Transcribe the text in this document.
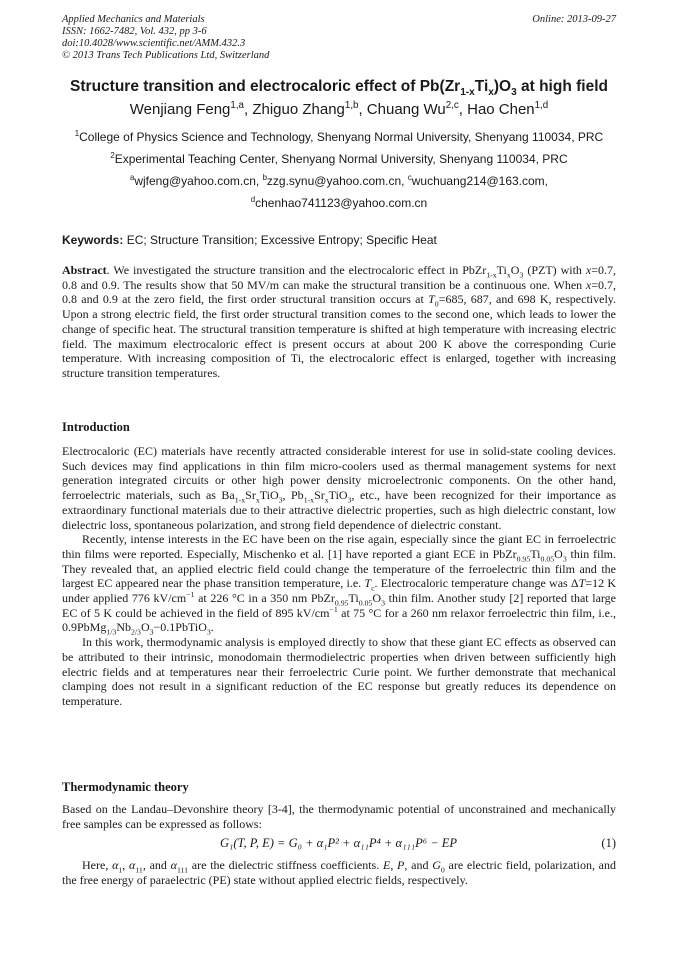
Applied Mechanics and Materials
ISSN: 1662-7482, Vol. 432, pp 3-6
doi:10.4028/www.scientific.net/AMM.432.3
© 2013 Trans Tech Publications Ltd, Switzerland
Online: 2013-09-27
Structure transition and electrocaloric effect of $Pb(Zr_{1-x}Ti_x)O_3$ at high field
Wenjiang Feng$^{1,a}$, Zhiguo Zhang$^{1,b}$, Chuang Wu$^{2,c}$, Hao Chen$^{1,d}$
$^1$College of Physics Science and Technology, Shenyang Normal University, Shenyang 110034, PRC
$^2$Experimental Teaching Center, Shenyang Normal University, Shenyang 110034, PRC
$^a$wjfeng@yahoo.com.cn, $^b$zzg.synu@yahoo.com.cn, $^c$wuchuang214@163.com,
$^d$chenhao741123@yahoo.com.cn
Keywords: EC; Structure Transition; Excessive Entropy; Specific Heat
Abstract. We investigated the structure transition and the electrocaloric effect in $PbZr_{1-x}Ti_xO_3$ (PZT) with x=0.7, 0.8 and 0.9. The results show that 50 MV/m can make the structural transition be a continuous one. When x=0.7, 0.8 and 0.9 at the zero field, the first order structural transition occurs at $T_0=685$, 687, and 698 K, respectively. Upon a strong electric field, the first order structural transition comes to the second one, which leads to lower the change of specific heat. The structural transition temperature is shifted at high temperature with increasing electric field. The maximum electrocaloric effect is present occurs at about 200 K above the corresponding Curie temperature. With increasing composition of Ti, the electrocaloric effect is enlarged, together with increasing structure transition temperatures.
Introduction

Electrocaloric (EC) materials have recently attracted considerable interest for use in solid-state cooling devices. Such devices may find applications in thin film micro-coolers used as thermal management systems for next generation integrated circuits or other high power density microelectronic components. On the other hand, ferroelectric materials, such as $Ba_{1-x}Sr_xTiO_3$, $Pb_{1-x}Sr_xTiO_3$, etc., have been recognized for their importance as extraordinary functional materials due to their attractive dielectric properties, such as high dielectric constant, low dielectric loss, spontaneous polarization, and strong field dependence of dielectric constant.

Recently, intense interests in the EC have been on the rise again, especially since the giant EC in ferroelectric thin films were reported. Especially, Mischenko et al. [1] have reported a giant ECE in $PbZr_{0.95}Ti_{0.05}O_3$ thin film. They revealed that, an applied electric field could change the temperature of the ferroelectric thin film and the largest EC appeared near the phase transition temperature, i.e. $T_c$. Electrocaloric temperature change was ΔT=12 K under applied 776 $kV/cm^{-1}$ at 226 °C in a 350 nm $PbZr_{0.95}Ti_{0.05}O_3$ thin film. Another study [2] reported that large EC of 5 K could be achieved in the field of 895 $kV/cm^{-1}$ at 75 °C for a 260 nm relaxor ferroelectric thin film, i.e., $0.9PbMg_{1/3}Nb_{2/3}O_3-0.1PbTiO_3$.

In this work, thermodynamic analysis is employed directly to show that these giant EC effects as observed can be attributed to their intrinsic, monodomain thermodielectric properties when driven between sufficiently high electric fields and at temperatures near their ferroelectric Curie point. We further demonstrate that mechanical clamping does not result in a significant reduction of the EC response but greatly reduces its dependence on temperature.

Thermodynamic theory
Based on the Landau–Devonshire theory [3-4], the thermodynamic potential of unconstrained and mechanically free samples can be expressed as follows:
G₁(T, P, E) = G₀ + α₁P² + α₁₁P⁴ + α₁₁₁P⁶ − EP	(1)

Here, $\alpha_1$, $\alpha_{11}$, and $\alpha_{111}$ are the dielectric stiffness coefficients. E, P, and $G_0$ are electric field, polarization, and the free energy of paraelectric (PE) state without applied electric fields, respectively.
